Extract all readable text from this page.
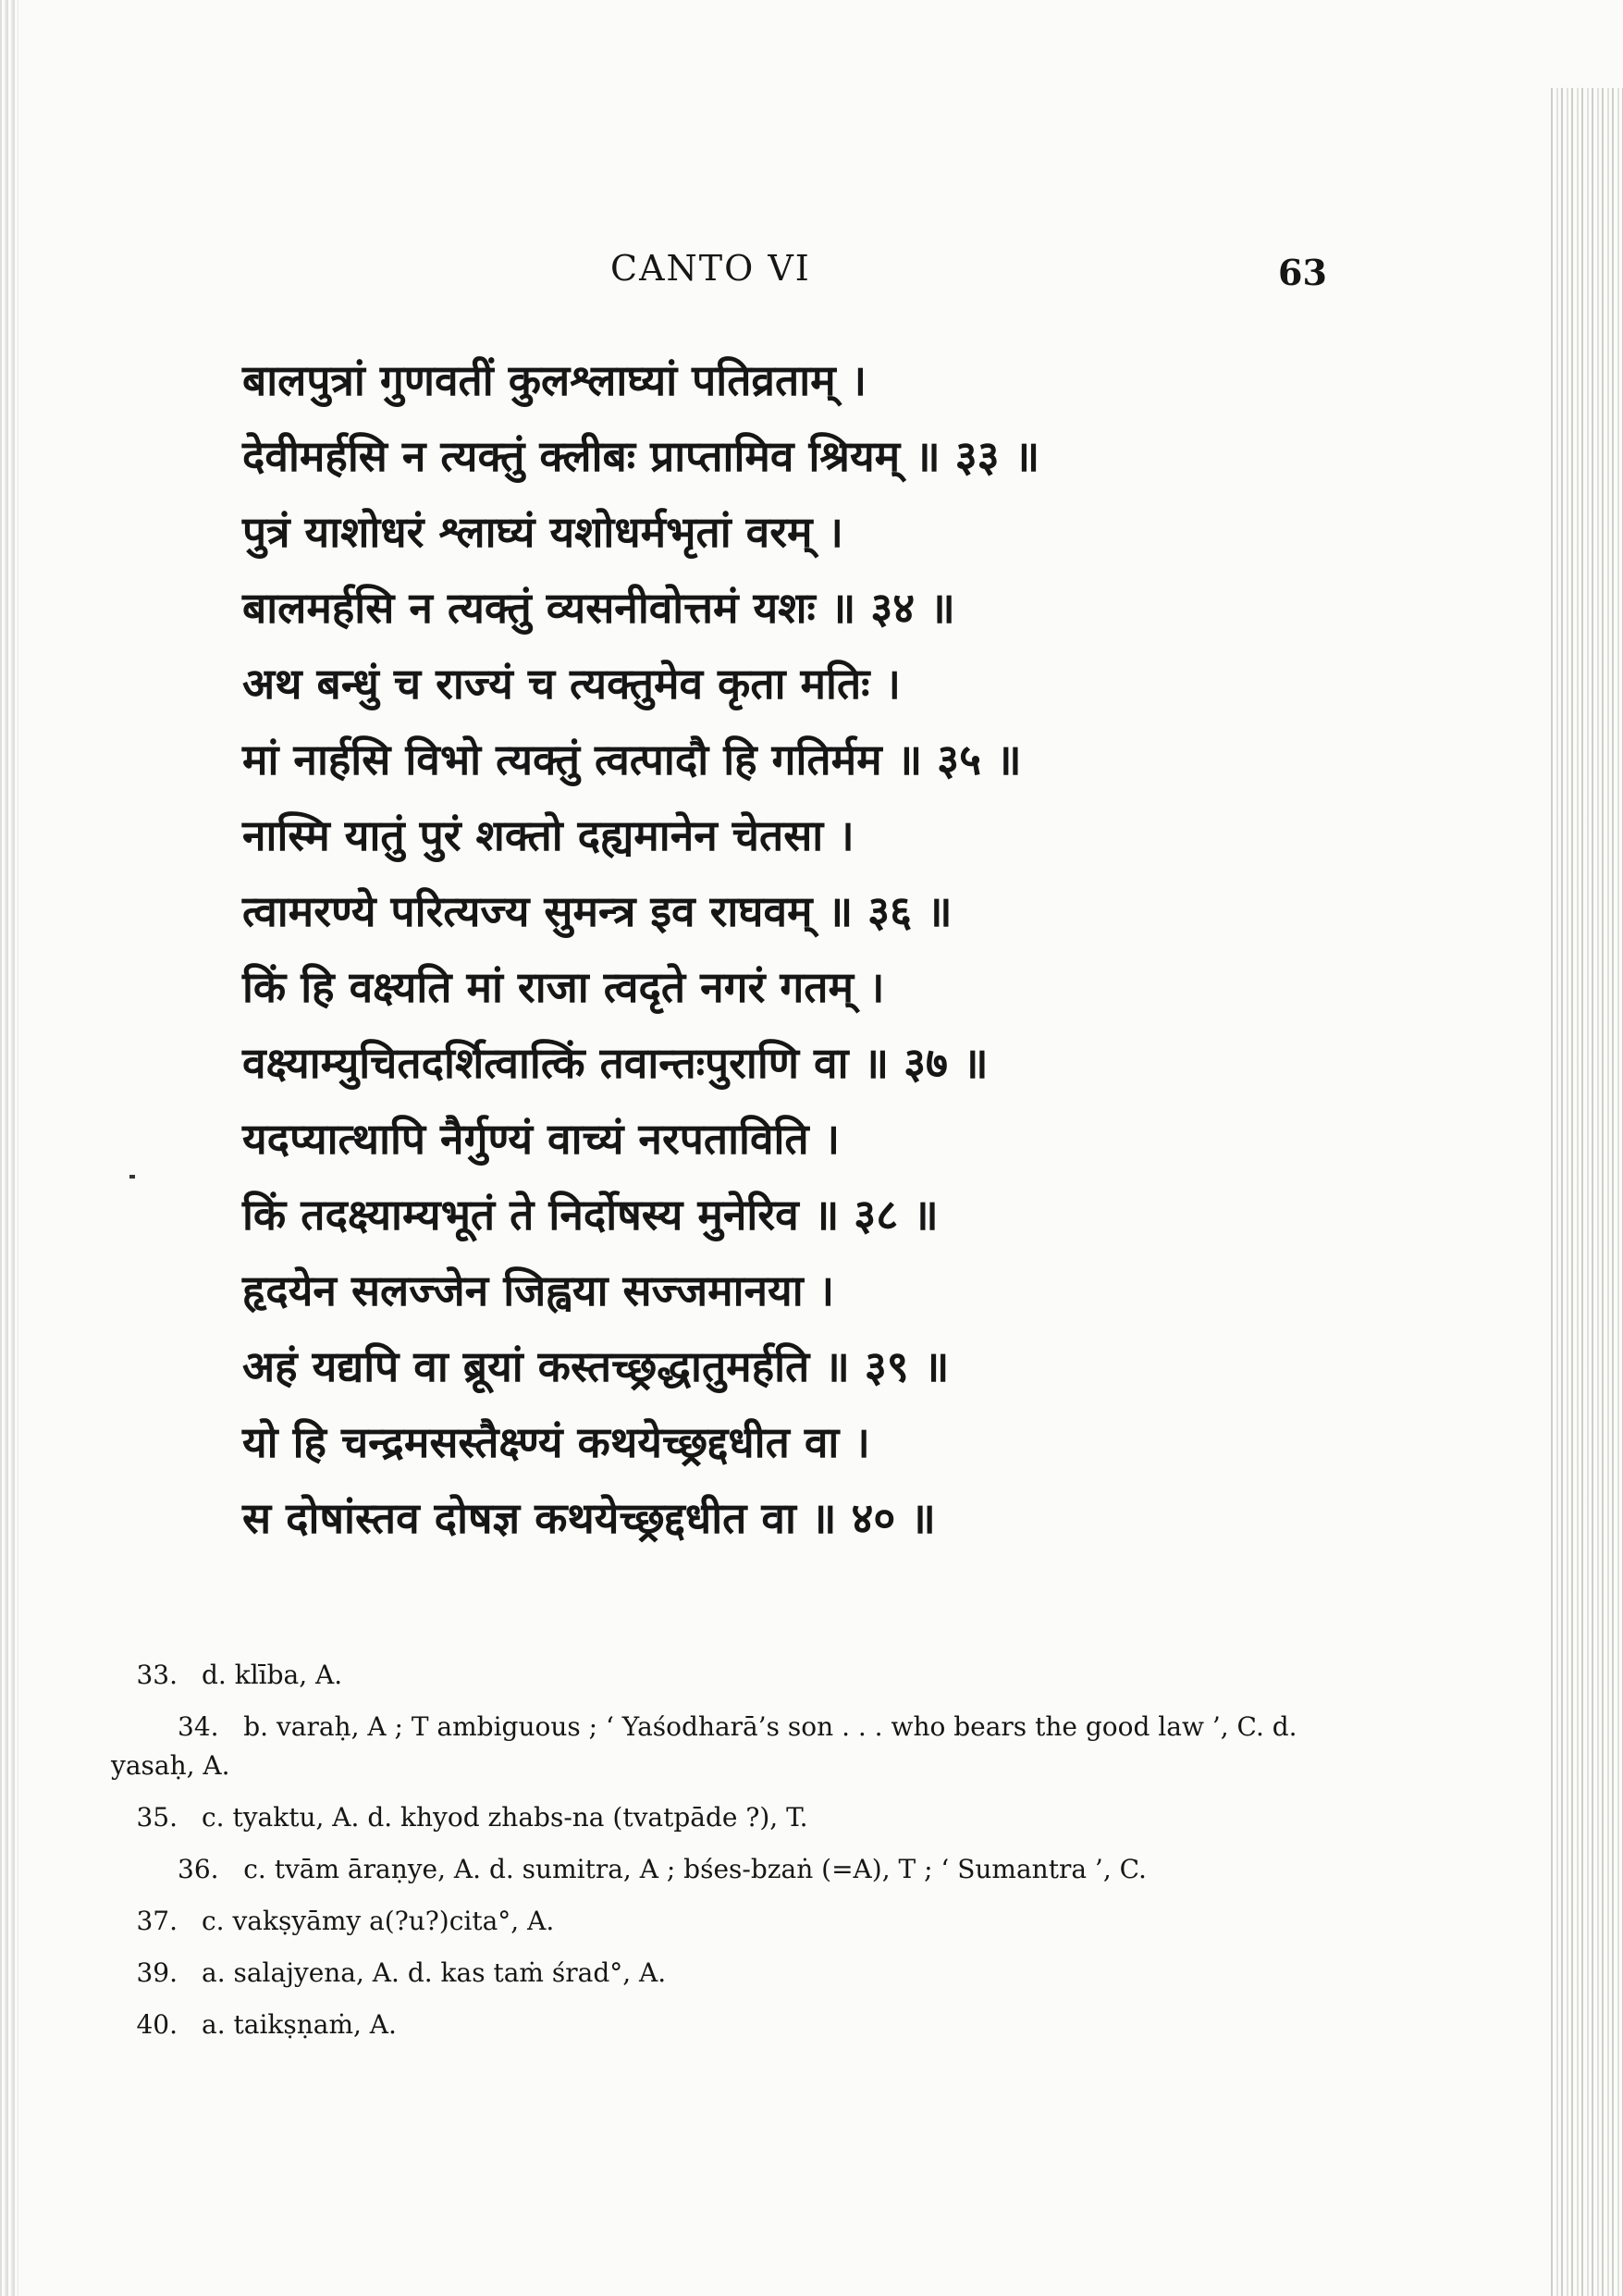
CANTO VI	63
बालपुत्रां गुणवतीं कुलश्लाघ्यां पतिव्रताम् ।
देवीमर्हसि न त्यक्तुं क्लीबः प्राप्तामिव श्रियम् ॥ ३३ ॥
पुत्रं याशोधरं श्लाघ्यं यशोधर्मभृतां वरम् ।
बालमर्हसि न त्यक्तुं व्यसनीवोत्तमं यशः ॥ ३४ ॥
अथ बन्धुं च राज्यं च त्यक्तुमेव कृता मतिः ।
मां नार्हसि विभो त्यक्तुं त्वत्पादौ हि गतिर्मम ॥ ३५ ॥
नास्मि यातुं पुरं शक्तो दह्यमानेन चेतसा ।
त्वामरण्ये परित्यज्य सुमन्त्र इव राघवम् ॥ ३६ ॥
किं हि वक्ष्यति मां राजा त्वदृते नगरं गतम् ।
वक्ष्याम्युचितदर्शित्वात्किं तवान्तःपुराणि वा ॥ ३७ ॥
यदप्यात्थापि नैर्गुण्यं वाच्यं नरपताविति ।
किं तदक्ष्याम्यभूतं ते निर्दोषस्य मुनेरिव ॥ ३८ ॥
हृदयेन सलज्जेन जिह्वया सज्जमानया ।
अहं यद्यपि वा ब्रूयां कस्तच्छ्रद्धातुमर्हति ॥ ३९ ॥
यो हि चन्द्रमसस्तैक्ष्ण्यं कथयेच्छ्रद्दधीत वा ।
स दोषांस्तव दोषज्ञ कथयेच्छ्रद्दधीत वा ॥ ४० ॥
33. d. klība, A.
34. b. varaḥ, A ; T ambiguous ; ‘ Yaśodharā’s son . . . who bears the good law ’, C. d. yasaḥ, A.
35. c. tyaktu, A. d. khyod zhabs-na (tvatpāde ?), T.
36. c. tvām āraṇye, A. d. sumitra, A ; bśes-bzaṅ (=A), T ; ‘ Sumantra ’, C.
37. c. vakṣyāmy a(?u?)cita°, A.
39. a. salajyena, A. d. kas taṁ śrad°, A.
40. a. taikṣṇaṁ, A.
